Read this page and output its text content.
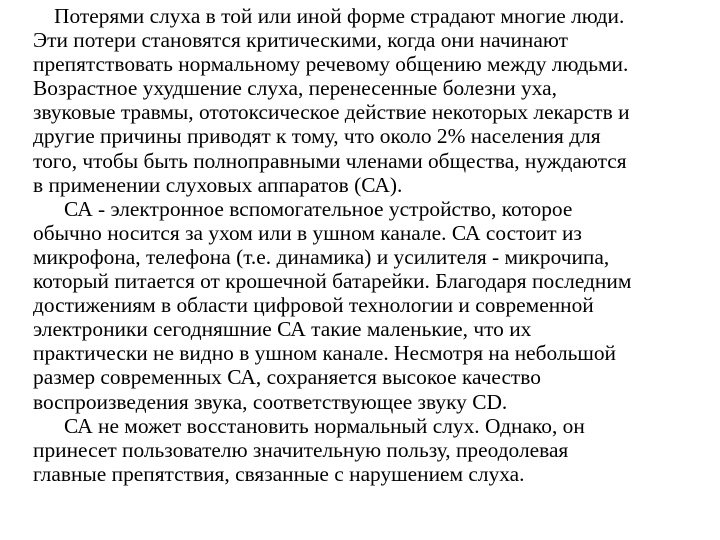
Потерями слуха в той или иной форме страдают многие люди.
Эти потери становятся критическими, когда они начинают
препятствовать нормальному речевому общению между людьми.
Возрастное ухудшение слуха, перенесенные болезни уха,
звуковые травмы, ототоксическое действие некоторых лекарств и
другие причины приводят к тому, что около 2% населения для
того, чтобы быть полноправными членами общества, нуждаются
в применении слуховых аппаратов (СА).
СА - электронное вспомогательное устройство, которое
обычно носится за ухом или в ушном канале. СА состоит из
микрофона, телефона (т.е. динамика) и усилителя - микрочипа,
который питается от крошечной батарейки. Благодаря последним
достижениям в области цифровой технологии и современной
электроники сегодняшние СА такие маленькие, что их
практически не видно в ушном канале. Несмотря на небольшой
размер современных СА, сохраняется высокое качество
воспроизведения звука, соответствующее звуку CD.
СА не может восстановить нормальный слух. Однако, он
принесет пользователю значительную пользу, преодолевая
главные препятствия, связанные с нарушением слуха.
